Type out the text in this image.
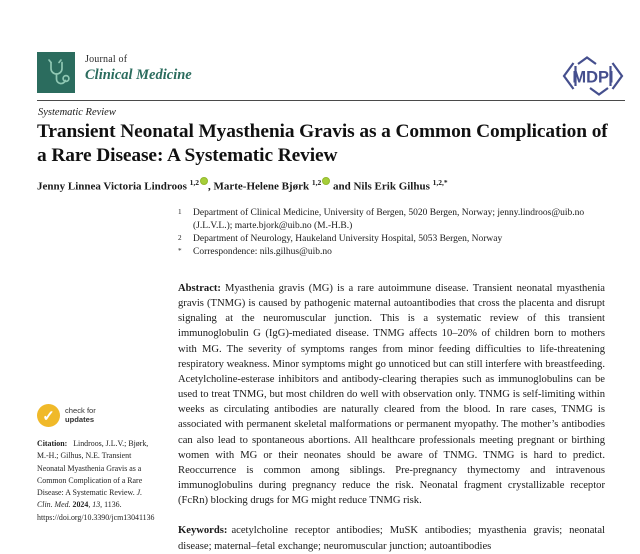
Journal of
Clinical Medicine	MDPI
Systematic Review
Transient Neonatal Myasthenia Gravis as a Common Complication of a Rare Disease: A Systematic Review
Jenny Linnea Victoria Lindroos $^{1,2}$ , Marte-Helene Bjørk $^{1,2}$ and Nils Erik Gilhus $^{1,2,*}$
✓	check for
updates
Citation: Lindroos, J.L.V.; Bjørk, M.-H.; Gilhus, N.E. Transient Neonatal Myasthenia Gravis as a Common Complication of a Rare Disease: A Systematic Review. J. Clin. Med. 2024, 13, 1136. https://doi.org/10.3390/jcm13041136
1	Department of Clinical Medicine, University of Bergen, 5020 Bergen, Norway; jenny.lindroos@uib.no (J.L.V.L.); marte.bjork@uib.no (M.-H.B.)
2	Department of Neurology, Haukeland University Hospital, 5053 Bergen, Norway
*	Correspondence: nils.gilhus@uib.no

Abstract: Myasthenia gravis (MG) is a rare autoimmune disease. Transient neonatal myasthenia gravis (TNMG) is caused by pathogenic maternal autoantibodies that cross the placenta and disrupt signaling at the neuromuscular junction. This is a systematic review of this transient immunoglobulin G (IgG)-mediated disease. TNMG affects 10–20% of children born to mothers with MG. The severity of symptoms ranges from minor feeding difficulties to life-threatening respiratory weakness. Minor symptoms might go unnoticed but can still interfere with breastfeeding. Acetylcholine-esterase inhibitors and antibody-clearing therapies such as immunoglobulins can be used to treat TNMG, but most children do well with observation only. TNMG is self-limiting within weeks as circulating antibodies are naturally cleared from the blood. In rare cases, TNMG is associated with permanent skeletal malformations or permanent myopathy. The mother’s antibodies can also lead to spontaneous abortions. All healthcare professionals meeting pregnant or birthing women with MG or their neonates should be aware of TNMG. TNMG is hard to predict. Reoccurrence is common among siblings. Pre-pregnancy thymectomy and intravenous immunoglobulins during pregnancy reduce the risk. Neonatal fragment crystallizable receptor (FcRn) blocking drugs for MG might reduce TNMG risk.

Keywords: acetylcholine receptor antibodies; MuSK antibodies; myasthenia gravis; neonatal disease; maternal–fetal exchange; neuromuscular junction; autoantibodies
